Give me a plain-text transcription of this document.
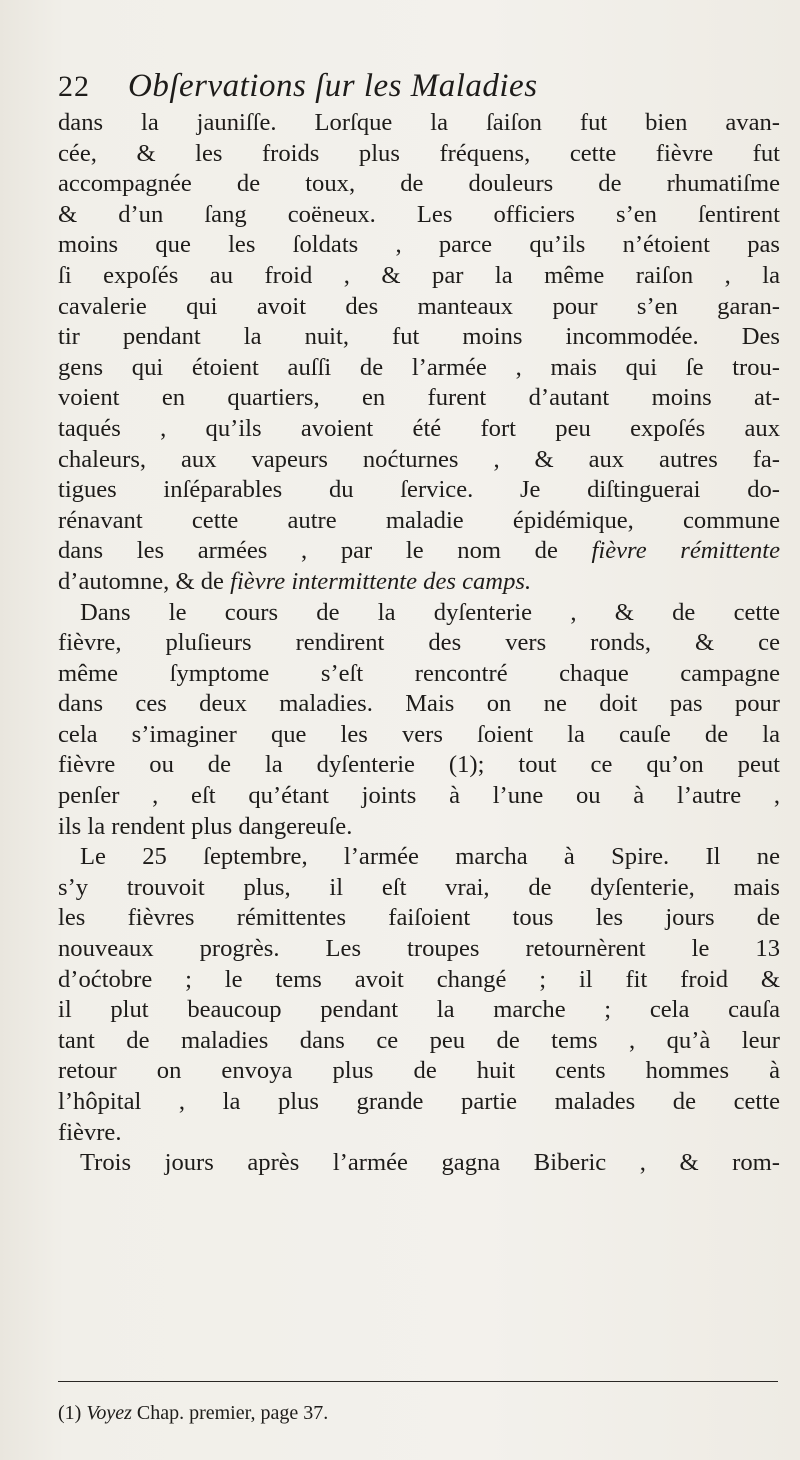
22 Obſervations ſur les Maladies
dans la jauniſſe. Lorſque la ſaiſon fut bien avan-
cée, & les froids plus fréquens, cette fièvre fut
accompagnée de toux, de douleurs de rhumatiſme
& d’un ſang coëneux. Les officiers s’en ſentirent
moins que les ſoldats , parce qu’ils n’étoient pas
ſi expoſés au froid , & par la même raiſon , la
cavalerie qui avoit des manteaux pour s’en garan-
tir pendant la nuit, fut moins incommodée. Des
gens qui étoient auſſi de l’armée , mais qui ſe trou-
voient en quartiers, en furent d’autant moins at-
taqués , qu’ils avoient été fort peu expoſés aux
chaleurs, aux vapeurs noćturnes , & aux autres fa-
tigues inſéparables du ſervice. Je diſtinguerai do-
rénavant cette autre maladie épidémique, commune
dans les armées , par le nom de fièvre rémittente
d’automne, & de fièvre intermittente des camps.
Dans le cours de la dyſenterie , & de cette
fièvre, pluſieurs rendirent des vers ronds, & ce
même ſymptome s’eſt rencontré chaque campagne
dans ces deux maladies. Mais on ne doit pas pour
cela s’imaginer que les vers ſoient la cauſe de la
fièvre ou de la dyſenterie (1); tout ce qu’on peut
penſer , eſt qu’étant joints à l’une ou à l’autre ,
ils la rendent plus dangereuſe.
Le 25 ſeptembre, l’armée marcha à Spire. Il ne
s’y trouvoit plus, il eſt vrai, de dyſenterie, mais
les fièvres rémittentes faiſoient tous les jours de
nouveaux progrès. Les troupes retournèrent le 13
d’oćtobre ; le tems avoit changé ; il fit froid &
il plut beaucoup pendant la marche ; cela cauſa
tant de maladies dans ce peu de tems , qu’à leur
retour on envoya plus de huit cents hommes à
l’hôpital , la plus grande partie malades de cette
fièvre.
Trois jours après l’armée gagna Biberic , & rom-
(1) Voyez Chap. premier, page 37.
